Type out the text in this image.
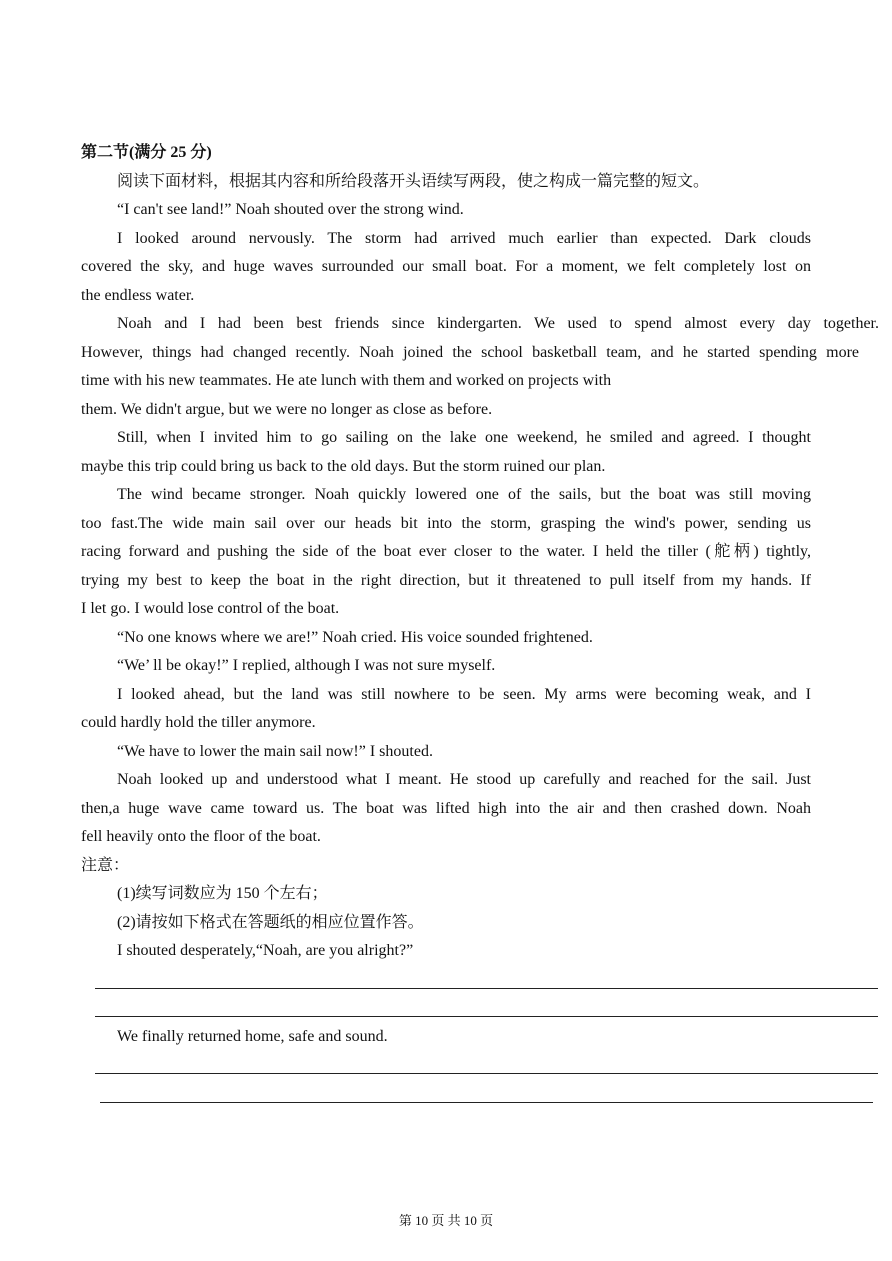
第二节(满分 25 分)
阅读下面材料，根据其内容和所给段落开头语续写两段，使之构成一篇完整的短文。
“I can't see land!” Noah shouted over the strong wind.
I looked around nervously. The storm had arrived much earlier than expected. Dark clouds
covered the sky, and huge waves surrounded our small boat. For a moment, we felt completely lost on
the endless water.
Noah and I had been best friends since kindergarten. We used to spend almost every day together.
However, things had changed recently. Noah joined the school basketball team, and he started spending more
time with his new teammates. He ate lunch with them and worked on projects with
them. We didn't argue, but we were no longer as close as before.
Still, when I invited him to go sailing on the lake one weekend, he smiled and agreed. I thought
maybe this trip could bring us back to the old days. But the storm ruined our plan.
The wind became stronger. Noah quickly lowered one of the sails, but the boat was still moving
too fast.The wide main sail over our heads bit into the storm, grasping the wind's power, sending us
racing forward and pushing the side of the boat ever closer to the water. I held the tiller (舵柄) tightly,
trying my best to keep the boat in the right direction, but it threatened to pull itself from my hands. If
I let go. I would lose control of the boat.
“No one knows where we are!” Noah cried. His voice sounded frightened.
“We’ ll be okay!” I replied, although I was not sure myself.
I looked ahead, but the land was still nowhere to be seen. My arms were becoming weak, and I
could hardly hold the tiller anymore.
“We have to lower the main sail now!” I shouted.
Noah looked up and understood what I meant. He stood up carefully and reached for the sail. Just
then,a huge wave came toward us. The boat was lifted high into the air and then crashed down. Noah
fell heavily onto the floor of the boat.
注意：
(1)续写词数应为 150 个左右；
(2)请按如下格式在答题纸的相应位置作答。
I shouted desperately,“Noah, are you alright?”
We finally returned home, safe and sound.
第 10 页 共 10 页
